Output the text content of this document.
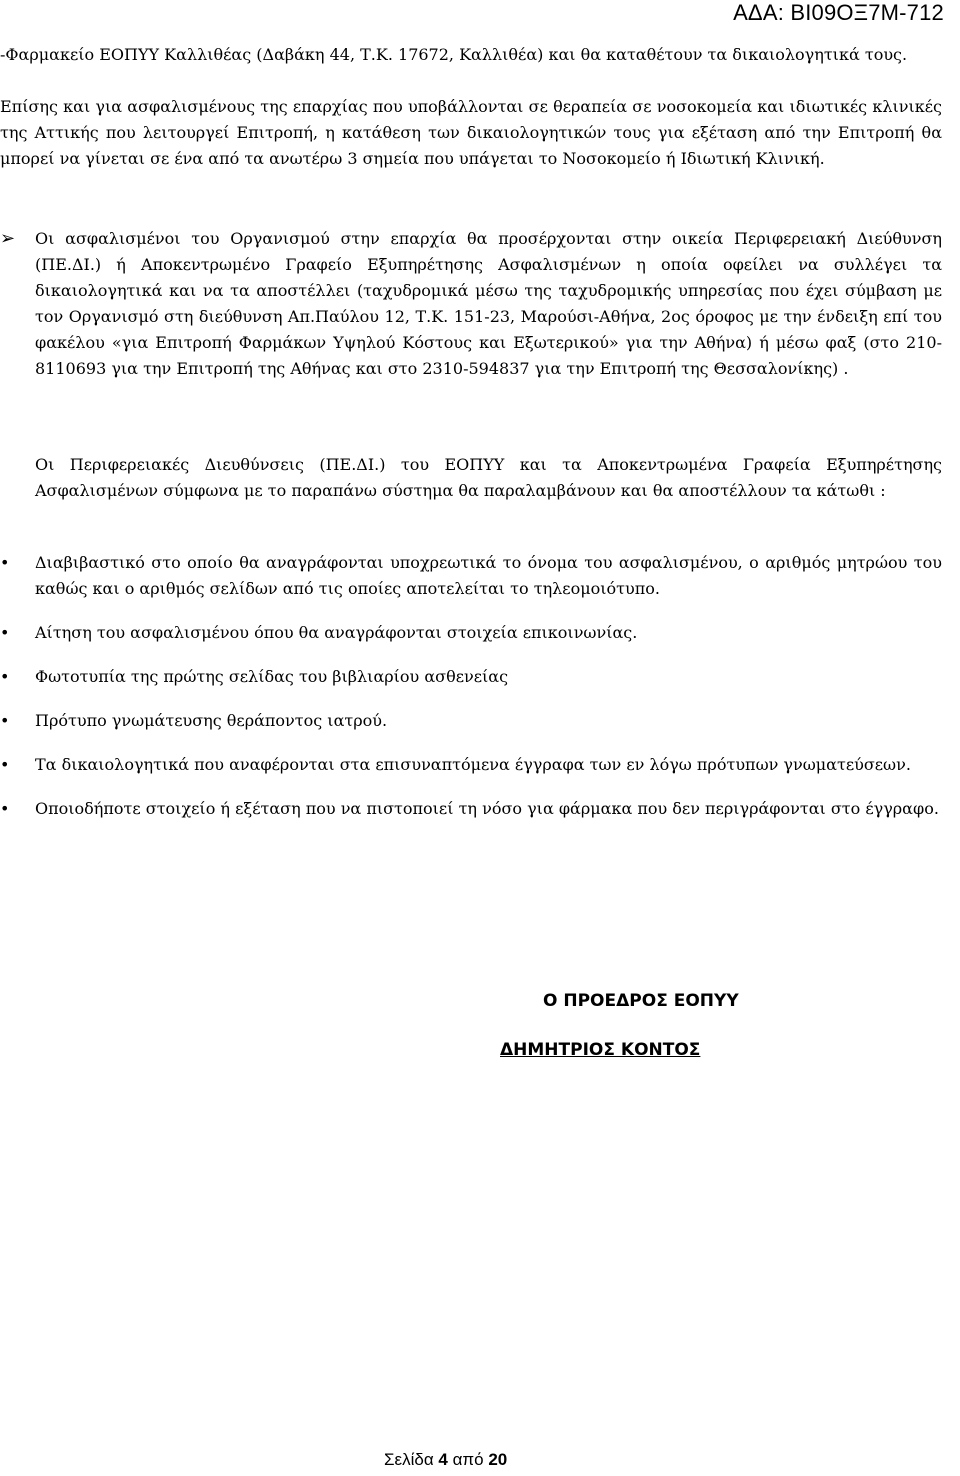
ΑΔΑ: ΒΙ09ΟΞ7Μ-712
-Φαρμακείο ΕΟΠΥΥ Καλλιθέας (Δαβάκη 44, Τ.Κ. 17672, Καλλιθέα) και θα καταθέτουν τα δικαιολογητικά τους.
Επίσης και για ασφαλισμένους της επαρχίας που υποβάλλονται σε θεραπεία σε νοσοκομεία και ιδιωτικές κλινικές της Αττικής που λειτουργεί Επιτροπή, η κατάθεση των δικαιολογητικών τους για εξέταση από την Επιτροπή θα μπορεί να γίνεται σε ένα από τα ανωτέρω 3 σημεία που υπάγεται το Νοσοκομείο ή Ιδιωτική Κλινική.
➢	Οι ασφαλισμένοι του Οργανισμού στην επαρχία θα προσέρχονται στην οικεία Περιφερειακή Διεύθυνση (ΠΕ.ΔΙ.) ή Αποκεντρωμένο Γραφείο Εξυπηρέτησης Ασφαλισμένων η οποία οφείλει να συλλέγει τα δικαιολογητικά και να τα αποστέλλει (ταχυδρομικά μέσω της ταχυδρομικής υπηρεσίας που έχει σύμβαση με τον Οργανισμό στη διεύθυνση Απ.Παύλου 12, Τ.Κ. 151-23, Μαρούσι-Αθήνα, 2ος όροφος με την ένδειξη επί του φακέλου «για Επιτροπή Φαρμάκων Υψηλού Κόστους και Εξωτερικού» για την Αθήνα) ή μέσω φαξ (στο 210-8110693 για την Επιτροπή της Αθήνας και στο 2310-594837 για την Επιτροπή της Θεσσαλονίκης) .
Οι Περιφερειακές Διευθύνσεις (ΠΕ.ΔΙ.) του ΕΟΠΥΥ και τα Αποκεντρωμένα Γραφεία Εξυπηρέτησης Ασφαλισμένων σύμφωνα με το παραπάνω σύστημα θα παραλαμβάνουν και θα αποστέλλουν τα κάτωθι :
• Διαβιβαστικό στο οποίο θα αναγράφονται υποχρεωτικά το όνομα του ασφαλισμένου, ο αριθμός μητρώου του καθώς και ο αριθμός σελίδων από τις οποίες αποτελείται το τηλεομοιότυπο.
• Αίτηση του ασφαλισμένου όπου θα αναγράφονται στοιχεία επικοινωνίας.
• Φωτοτυπία της πρώτης σελίδας του βιβλιαρίου ασθενείας
• Πρότυπο γνωμάτευσης θεράποντος ιατρού.
• Τα δικαιολογητικά που αναφέρονται στα επισυναπτόμενα έγγραφα των εν λόγω πρότυπων γνωματεύσεων.
• Οποιοδήποτε στοιχείο ή εξέταση που να πιστοποιεί τη νόσο για φάρμακα που δεν περιγράφονται στο έγγραφο.
Ο ΠΡΟΕΔΡΟΣ ΕΟΠΥΥ
ΔΗΜΗΤΡΙΟΣ ΚΟΝΤΟΣ
Σελίδα 4 από 20
